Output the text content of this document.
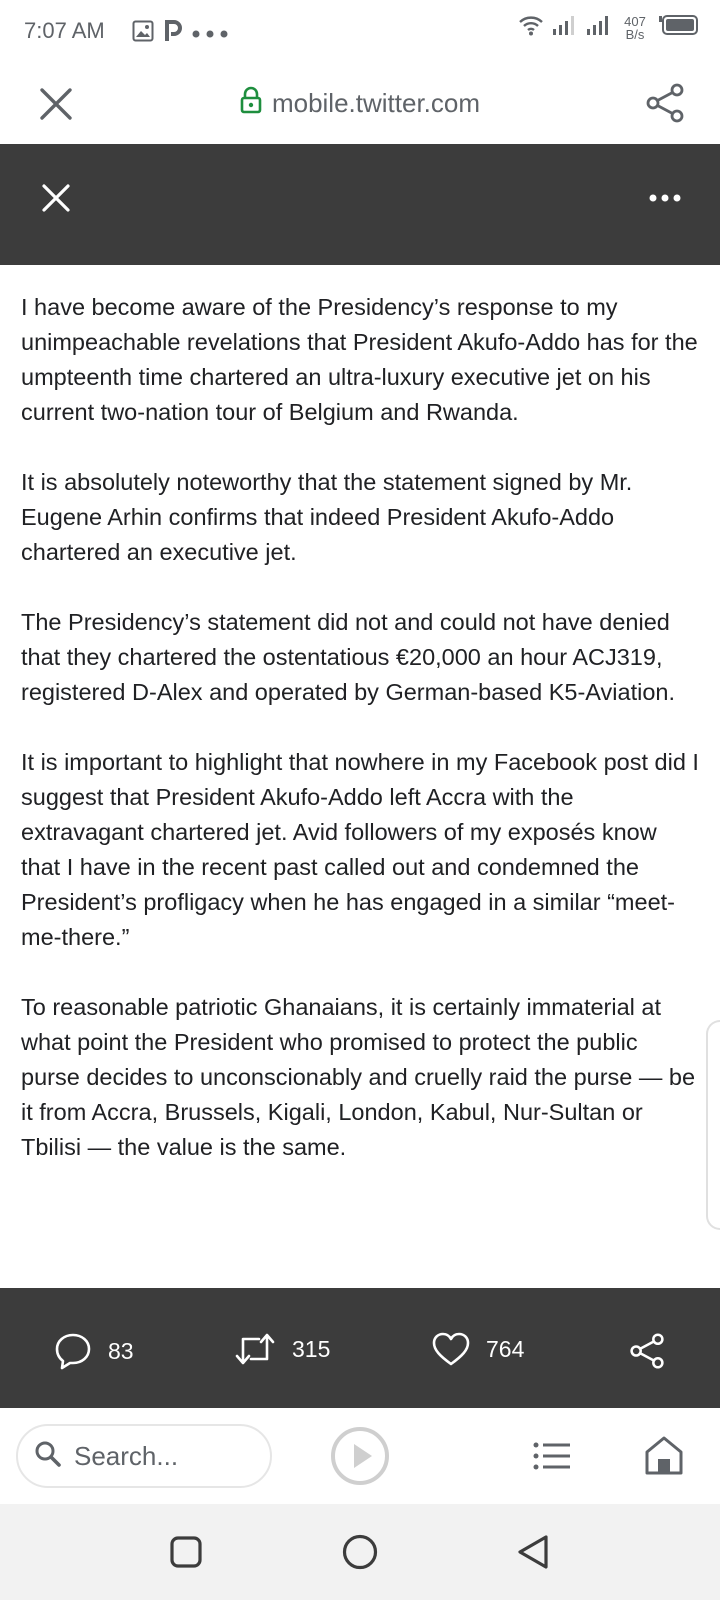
7:07 AM	407
B/s
mobile.twitter.com

I have become aware of the Presidency’s response to my unimpeachable revelations that President Akufo-Addo has for the umpteenth time chartered an ultra-luxury executive jet on his current two-nation tour of Belgium and Rwanda.

It is absolutely noteworthy that the statement signed by Mr. Eugene Arhin confirms that indeed President Akufo-Addo chartered an executive jet.

The Presidency’s statement did not and could not have denied that they chartered the ostentatious €20,000 an hour ACJ319, registered D-Alex and operated by German-based K5-Aviation.

It is important to highlight that nowhere in my Facebook post did I suggest that President Akufo-Addo left Accra with the extravagant chartered jet. Avid followers of my exposés know that I have in the recent past called out and condemned the President’s profligacy when he has engaged in a similar “meet-me-there.”

To reasonable patriotic Ghanaians, it is certainly immaterial at what point the President who promised to protect the public purse decides to unconscionably and cruelly raid the purse — be it from Accra, Brussels, Kigali, London, Kabul, Nur-Sultan or Tbilisi — the value is the same.

83	315	764
Search...
